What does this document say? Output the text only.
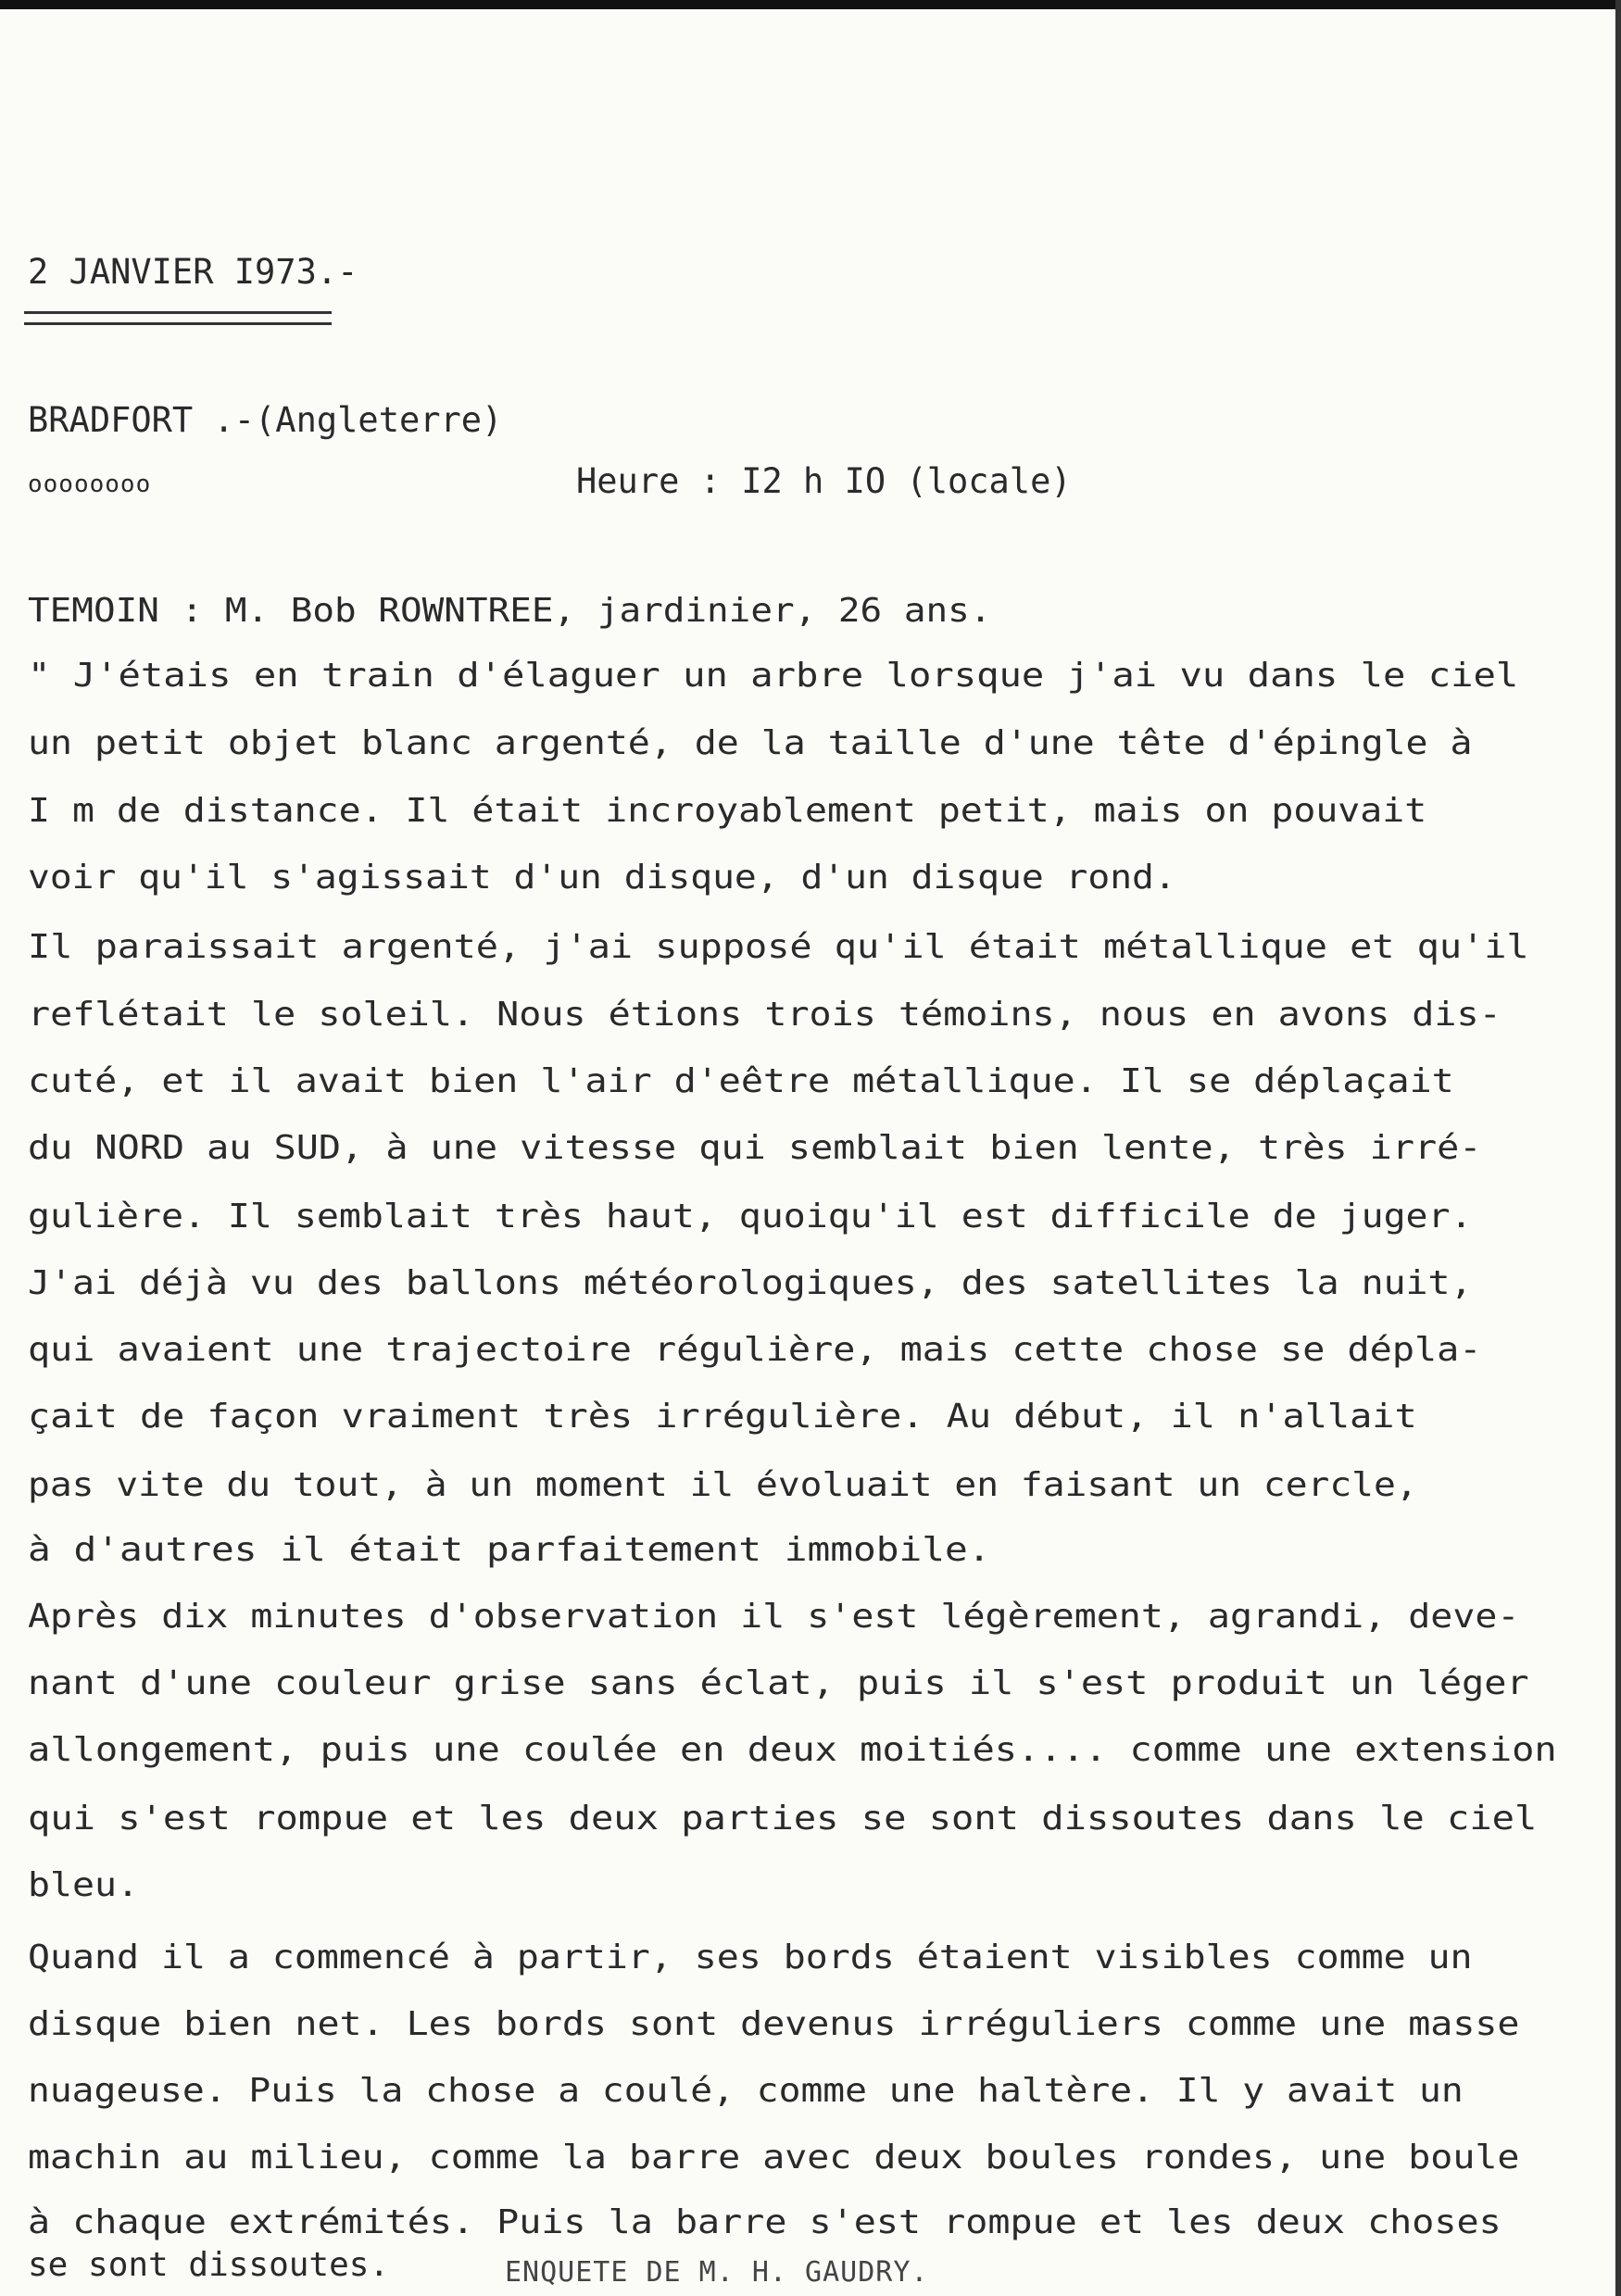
2 JANVIER I973.-
BRADFORT .-(Angleterre)
oooooooo	Heure : I2 h IO (locale)
TEMOIN : M. Bob ROWNTREE, jardinier, 26 ans.
" J'étais en train d'élaguer un arbre lorsque j'ai vu dans le ciel
un petit objet blanc argenté, de la taille d'une tête d'épingle à
I m de distance. Il était incroyablement petit, mais on pouvait
voir qu'il s'agissait d'un disque, d'un disque rond.
Il paraissait argenté, j'ai supposé qu'il était métallique et qu'il
reflétait le soleil. Nous étions trois témoins, nous en avons dis-
cuté, et il avait bien l'air d'eêtre métallique. Il se déplaçait
du NORD au SUD, à une vitesse qui semblait bien lente, très irré-
gulière. Il semblait très haut, quoiqu'il est difficile de juger.
J'ai déjà vu des ballons météorologiques, des satellites la nuit,
qui avaient une trajectoire régulière, mais cette chose se dépla-
çait de façon vraiment très irrégulière. Au début, il n'allait
pas vite du tout, à un moment il évoluait en faisant un cercle,
à d'autres il était parfaitement immobile.
Après dix minutes d'observation il s'est légèrement, agrandi, deve-
nant d'une couleur grise sans éclat, puis il s'est produit un léger
allongement, puis une coulée en deux moitiés.... comme une extension
qui s'est rompue et les deux parties se sont dissoutes dans le ciel
bleu.
Quand il a commencé à partir, ses bords étaient visibles comme un
disque bien net. Les bords sont devenus irréguliers comme une masse
nuageuse. Puis la chose a coulé, comme une haltère. Il y avait un
machin au milieu, comme la barre avec deux boules rondes, une boule
à chaque extrémités. Puis la barre s'est rompue et les deux choses
se sont dissoutes.	ENQUETE DE M. H. GAUDRY.
